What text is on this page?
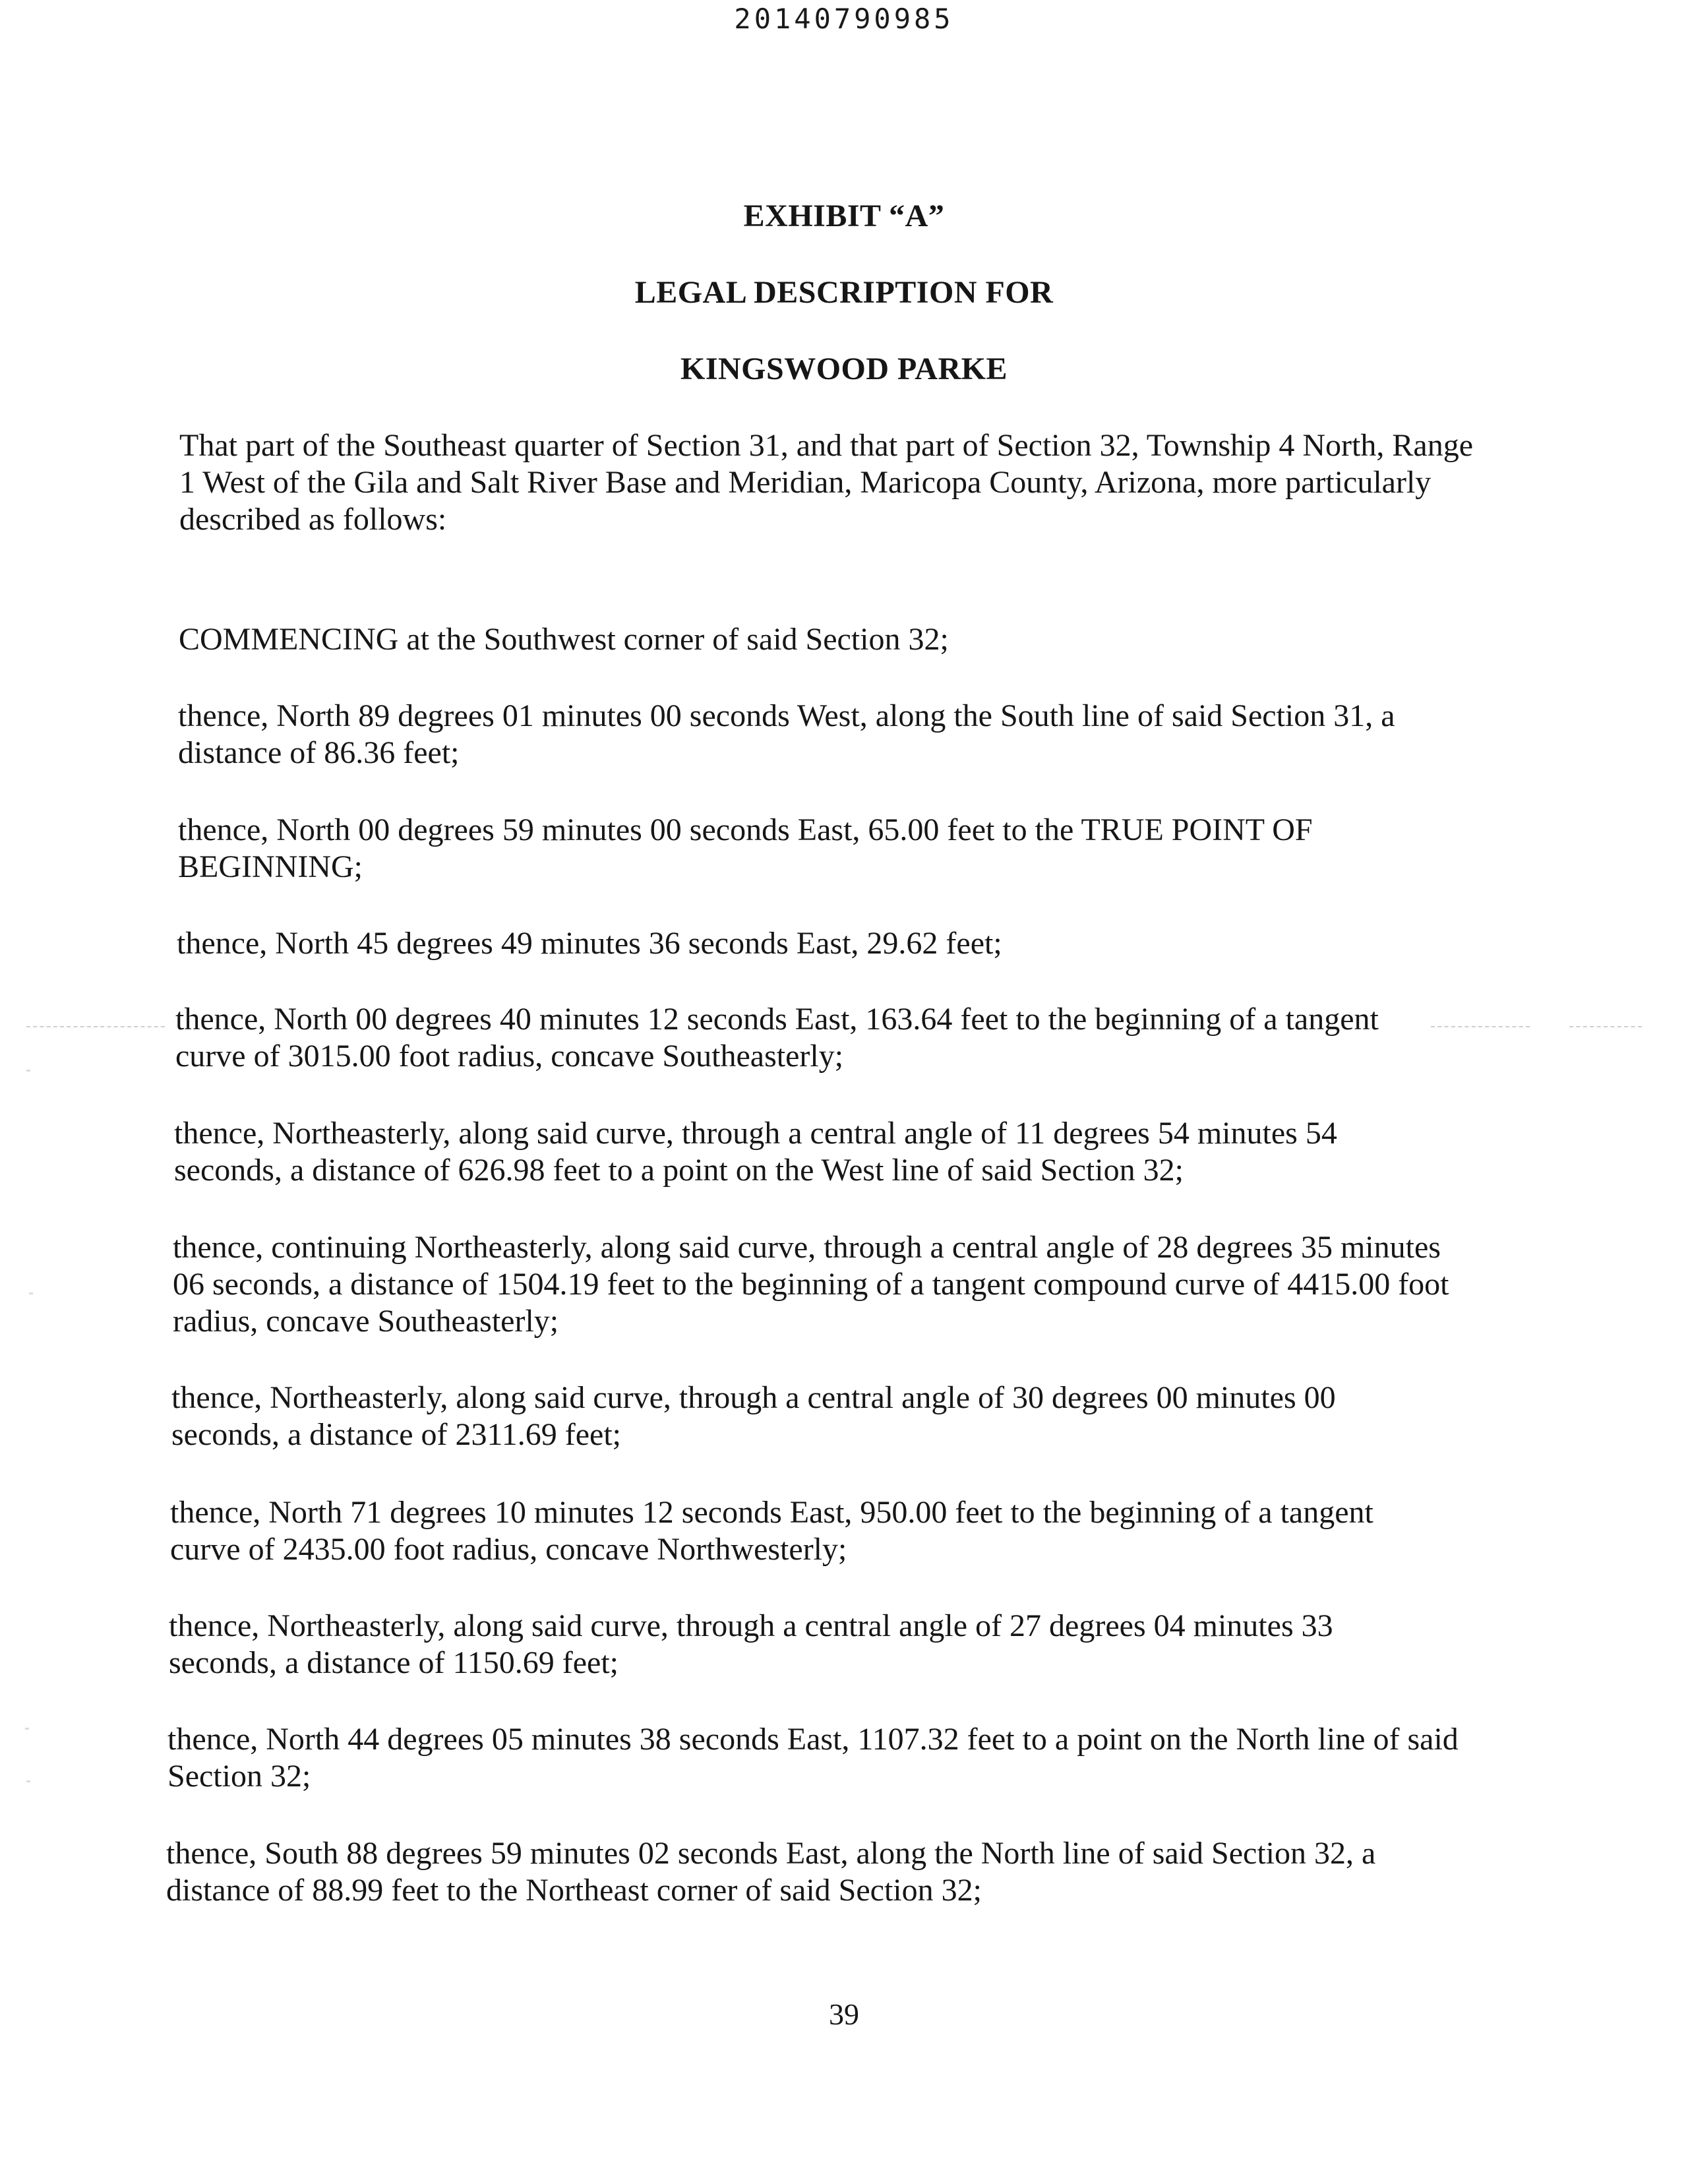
20140790985
EXHIBIT “A”
LEGAL DESCRIPTION FOR
KINGSWOOD PARKE

That part of the Southeast quarter of Section 31, and that part of Section 32, Township 4 North, Range 1 West of the Gila and Salt River Base and Meridian, Maricopa County, Arizona, more particularly described as follows:

COMMENCING at the Southwest corner of said Section 32;

thence, North 89 degrees 01 minutes 00 seconds West, along the South line of said Section 31, a distance of 86.36 feet;

thence, North 00 degrees 59 minutes 00 seconds East, 65.00 feet to the TRUE POINT OF BEGINNING;

thence, North 45 degrees 49 minutes 36 seconds East, 29.62 feet;

thence, North 00 degrees 40 minutes 12 seconds East, 163.64 feet to the beginning of a tangent curve of 3015.00 foot radius, concave Southeasterly;

thence, Northeasterly, along said curve, through a central angle of 11 degrees 54 minutes 54 seconds, a distance of 626.98 feet to a point on the West line of said Section 32;

thence, continuing Northeasterly, along said curve, through a central angle of 28 degrees 35 minutes 06 seconds, a distance of 1504.19 feet to the beginning of a tangent compound curve of 4415.00 foot radius, concave Southeasterly;

thence, Northeasterly, along said curve, through a central angle of 30 degrees 00 minutes 00 seconds, a distance of 2311.69 feet;

thence, North 71 degrees 10 minutes 12 seconds East, 950.00 feet to the beginning of a tangent curve of 2435.00 foot radius, concave Northwesterly;

thence, Northeasterly, along said curve, through a central angle of 27 degrees 04 minutes 33 seconds, a distance of 1150.69 feet;

thence, North 44 degrees 05 minutes 38 seconds East, 1107.32 feet to a point on the North line of said Section 32;

thence, South 88 degrees 59 minutes 02 seconds East, along the North line of said Section 32, a distance of 88.99 feet to the Northeast corner of said Section 32;

39
